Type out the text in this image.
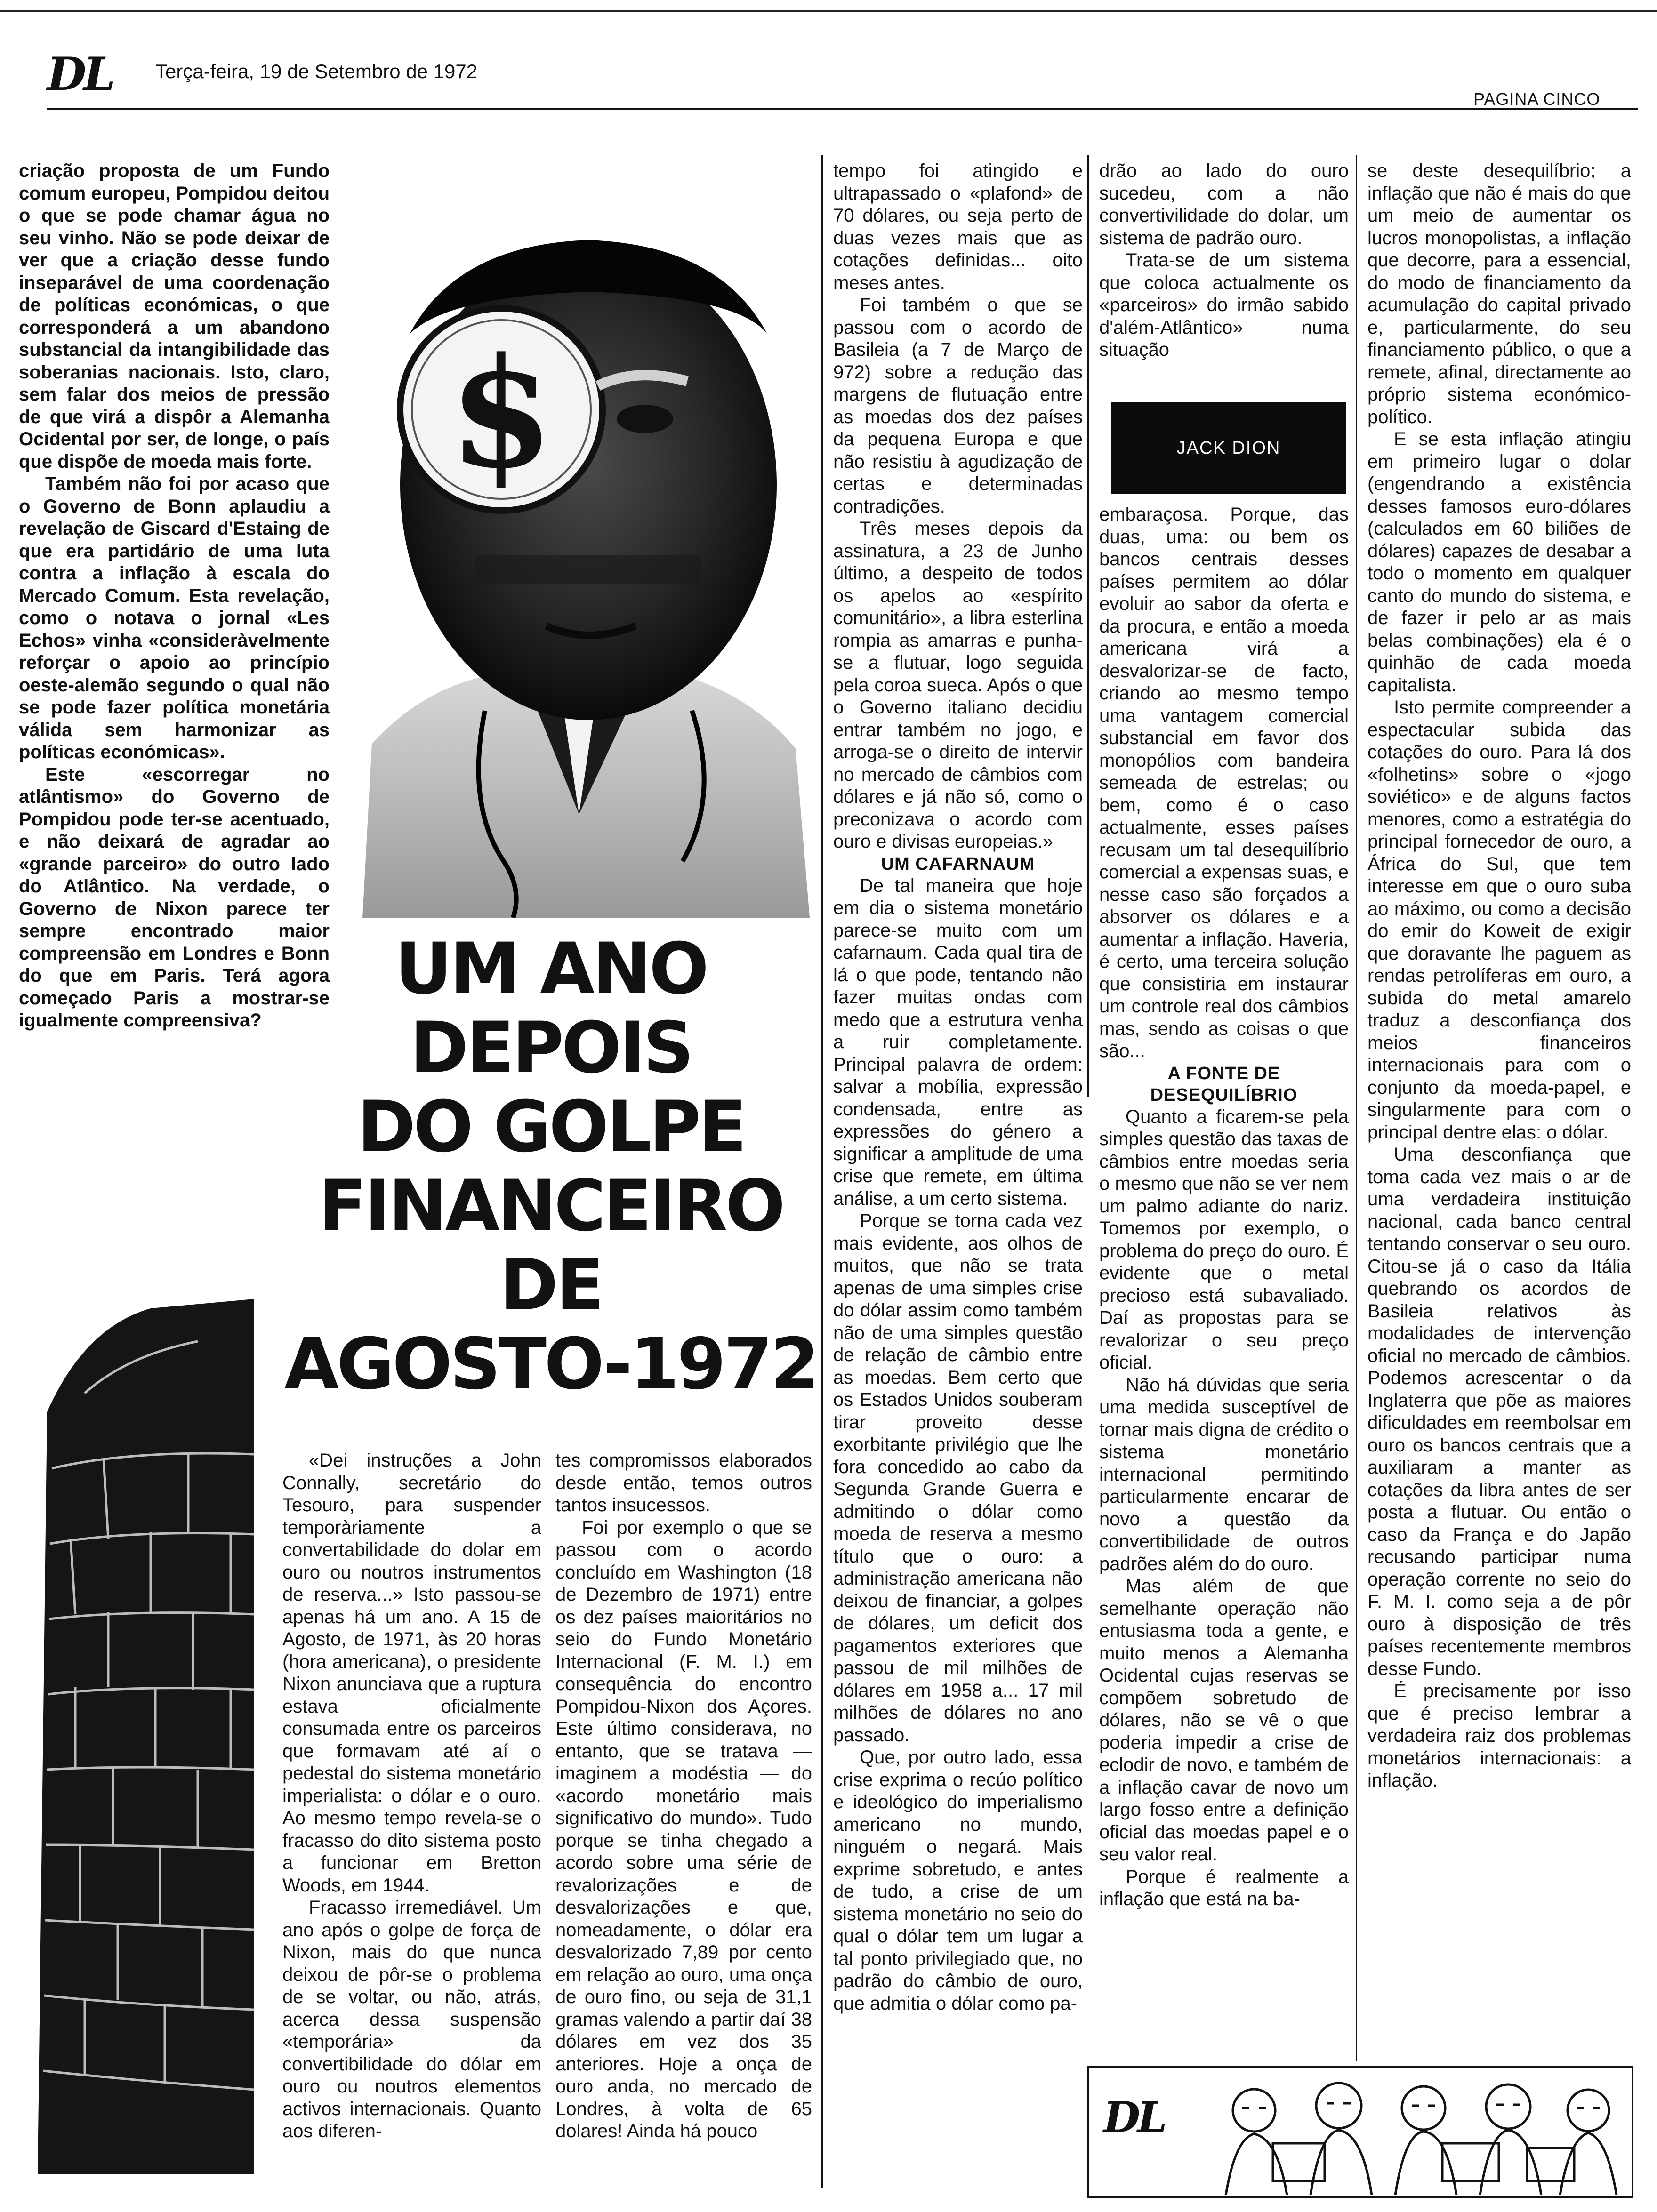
DL Terça-feira, 19 de Setembro de 1972
PAGINA CINCO
$
UM ANO
DEPOIS
DO GOLPE
FINANCEIRO
DE
AGOSTO-1972

criação proposta de um Fundo comum europeu, Pompidou deitou o que se pode chamar água no seu vinho. Não se pode deixar de ver que a criação desse fundo inseparável de uma coordenação de políticas económicas, o que corresponderá a um abandono substancial da intangibilidade das soberanias nacionais. Isto, claro, sem falar dos meios de pressão de que virá a dispôr a Alemanha Ocidental por ser, de longe, o país que dispõe de moeda mais forte.

Também não foi por acaso que o Governo de Bonn aplaudiu a revelação de Giscard d'Estaing de que era partidário de uma luta contra a inflação à escala do Mercado Comum. Esta revelação, como o notava o jornal «Les Echos» vinha «consideràvelmente reforçar o apoio ao princípio oeste-alemão segundo o qual não se pode fazer política monetária válida sem harmonizar as políticas económicas».

Este «escorregar no atlântismo» do Governo de Pompidou pode ter-se acentuado, e não deixará de agradar ao «grande parceiro» do outro lado do Atlântico. Na verdade, o Governo de Nixon parece ter sempre encontrado maior compreensão em Londres e Bonn do que em Paris. Terá agora começado Paris a mostrar-se igualmente compreensiva?

«Dei instruções a John Connally, secretário do Tesouro, para suspender temporàriamente a convertabilidade do dolar em ouro ou noutros instrumentos de reserva...» Isto passou-se apenas há um ano. A 15 de Agosto, de 1971, às 20 horas (hora americana), o presidente Nixon anunciava que a ruptura estava oficialmente consumada entre os parceiros que formavam até aí o pedestal do sistema monetário imperialista: o dólar e o ouro. Ao mesmo tempo revela-se o fracasso do dito sistema posto a funcionar em Bretton Woods, em 1944.

Fracasso irremediável. Um ano após o golpe de força de Nixon, mais do que nunca deixou de pôr-se o problema de se voltar, ou não, atrás, acerca dessa suspensão «temporária» da convertibilidade do dólar em ouro ou noutros elementos activos internacionais. Quanto aos diferen-

tes compromissos elaborados desde então, temos outros tantos insucessos.

Foi por exemplo o que se passou com o acordo concluído em Washington (18 de Dezembro de 1971) entre os dez países maioritários no seio do Fundo Monetário Internacional (F. M. I.) em consequência do encontro Pompidou-Nixon dos Açores. Este último considerava, no entanto, que se tratava — imaginem a modéstia — do «acordo monetário mais significativo do mundo». Tudo porque se tinha chegado a acordo sobre uma série de revalorizações e de desvalorizações e que, nomeadamente, o dólar era desvalorizado 7,89 por cento em relação ao ouro, uma onça de ouro fino, ou seja de 31,1 gramas valendo a partir daí 38 dólares em vez dos 35 anteriores. Hoje a onça de ouro anda, no mercado de Londres, à volta de 65 dolares! Ainda há pouco

tempo foi atingido e ultrapassado o «plafond» de 70 dólares, ou seja perto de duas vezes mais que as cotações definidas... oito meses antes.

Foi também o que se passou com o acordo de Basileia (a 7 de Março de 972) sobre a redução das margens de flutuação entre as moedas dos dez países da pequena Europa e que não resistiu à agudização de certas e determinadas contradições.

Três meses depois da assinatura, a 23 de Junho último, a despeito de todos os apelos ao «espírito comunitário», a libra esterlina rompia as amarras e punha-se a flutuar, logo seguida pela coroa sueca. Após o que o Governo italiano decidiu entrar também no jogo, e arroga-se o direito de intervir no mercado de câmbios com dólares e já não só, como o preconizava o acordo com ouro e divisas europeias.»

UM CAFARNAUM

De tal maneira que hoje em dia o sistema monetário parece-se muito com um cafarnaum. Cada qual tira de lá o que pode, tentando não fazer muitas ondas com medo que a estrutura venha a ruir completamente. Principal palavra de ordem: salvar a mobília, expressão condensada, entre as expressões do género a significar a amplitude de uma crise que remete, em última análise, a um certo sistema.

Porque se torna cada vez mais evidente, aos olhos de muitos, que não se trata apenas de uma simples crise do dólar assim como também não de uma simples questão de relação de câmbio entre as moedas. Bem certo que os Estados Unidos souberam tirar proveito desse exorbitante privilégio que lhe fora concedido ao cabo da Segunda Grande Guerra e admitindo o dólar como moeda de reserva a mesmo título que o ouro: a administração americana não deixou de financiar, a golpes de dólares, um deficit dos pagamentos exteriores que passou de mil milhões de dólares em 1958 a... 17 mil milhões de dólares no ano passado.

Que, por outro lado, essa crise exprima o recúo político e ideológico do imperialismo americano no mundo, ninguém o negará. Mais exprime sobretudo, e antes de tudo, a crise de um sistema monetário no seio do qual o dólar tem um lugar a tal ponto privilegiado que, no padrão do câmbio de ouro, que admitia o dólar como pa-

drão ao lado do ouro sucedeu, com a não convertivilidade do dolar, um sistema de padrão ouro.

Trata-se de um sistema que coloca actualmente os «parceiros» do irmão sabido d'além-Atlântico» numa situação

JACK DION

embaraçosa. Porque, das duas, uma: ou bem os bancos centrais desses países permitem ao dólar evoluir ao sabor da oferta e da procura, e então a moeda americana virá a desvalorizar-se de facto, criando ao mesmo tempo uma vantagem comercial substancial em favor dos monopólios com bandeira semeada de estrelas; ou bem, como é o caso actualmente, esses países recusam um tal desequilíbrio comercial a expensas suas, e nesse caso são forçados a absorver os dólares e a aumentar a inflação. Haveria, é certo, uma terceira solução que consistiria em instaurar um controle real dos câmbios mas, sendo as coisas o que são...

A FONTE DE DESEQUILÍBRIO

Quanto a ficarem-se pela simples questão das taxas de câmbios entre moedas seria o mesmo que não se ver nem um palmo adiante do nariz. Tomemos por exemplo, o problema do preço do ouro. É evidente que o metal precioso está subavaliado. Daí as propostas para se revalorizar o seu preço oficial.

Não há dúvidas que seria uma medida susceptível de tornar mais digna de crédito o sistema monetário internacional permitindo particularmente encarar de novo a questão da convertibilidade de outros padrões além do do ouro.

Mas além de que semelhante operação não entusiasma toda a gente, e muito menos a Alemanha Ocidental cujas reservas se compõem sobretudo de dólares, não se vê o que poderia impedir a crise de eclodir de novo, e também de a inflação cavar de novo um largo fosso entre a definição oficial das moedas papel e o seu valor real.

Porque é realmente a inflação que está na ba-

se deste desequilíbrio; a inflação que não é mais do que um meio de aumentar os lucros monopolistas, a inflação que decorre, para a essencial, do modo de financiamento da acumulação do capital privado e, particularmente, do seu financiamento público, o que a remete, afinal, directamente ao próprio sistema económico-político.

E se esta inflação atingiu em primeiro lugar o dolar (engendrando a existência desses famosos euro-dólares (calculados em 60 biliões de dólares) capazes de desabar a todo o momento em qualquer canto do mundo do sistema, e de fazer ir pelo ar as mais belas combinações) ela é o quinhão de cada moeda capitalista.

Isto permite compreender a espectacular subida das cotações do ouro. Para lá dos «folhetins» sobre o «jogo soviético» e de alguns factos menores, como a estratégia do principal fornecedor de ouro, a África do Sul, que tem interesse em que o ouro suba ao máximo, ou como a decisão do emir do Koweit de exigir que doravante lhe paguem as rendas petrolíferas em ouro, a subida do metal amarelo traduz a desconfiança dos meios financeiros internacionais para com o conjunto da moeda-papel, e singularmente para com o principal dentre elas: o dólar.

Uma desconfiança que toma cada vez mais o ar de uma verdadeira instituição nacional, cada banco central tentando conservar o seu ouro. Citou-se já o caso da Itália quebrando os acordos de Basileia relativos às modalidades de intervenção oficial no mercado de câmbios. Podemos acrescentar o da Inglaterra que põe as maiores dificuldades em reembolsar em ouro os bancos centrais que a auxiliaram a manter as cotações da libra antes de ser posta a flutuar. Ou então o caso da França e do Japão recusando participar numa operação corrente no seio do F. M. I. como seja a de pôr ouro à disposição de três países recentemente membros desse Fundo.

É precisamente por isso que é preciso lembrar a verdadeira raiz dos problemas monetários internacionais: a inflação.

DL
